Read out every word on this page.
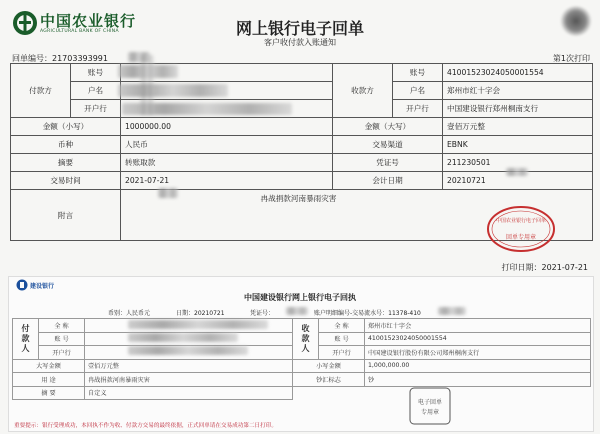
中国农业银行
AGRICULTURAL BANK OF CHINA	网上银行电子回单
客户收付款入账通知
回单编号：21703393991	第1次打印
付款方	账号		收款方	账号	4100152302405000155​4
	户名			户名	郑州市红十字会
	开户行			开户行	中国建设银行郑州桐南支行
金额（小写）		1000000.00	金额（大写）		壹佰万元整
币种		人民币	交易渠道		EBNK
摘要		转账取款	凭证号		211230501
交易时间		2021-07-21	会计日期		20210721
附言		冉战捐款河南暴雨灾害			
中国农业银行电子回单
回单专用章
打印日期：2021-07-21
建设银行
中国建设银行网上银行电子回执
币别：人民币元	日期：20210721	凭证号：	账户明细编号-交易流水号：11378-410
付款人	全 称		收款人	全 称	郑州市红十字会
	账 号			账 号	41001523024050001554
	开户行			开户行	中国建设银行股份有限公司郑州桐南支行
大写金额		壹佰万元整	小写金额		1,000,000.00
用 途		冉战捐款河南暴雨灾害	钞汇标志		钞
摘 要		自定义			
电子回单
专用章
重要提示：银行受理成功，本回执不作为收、付款方交易的最终依据，正式回单请在交易成功第二日打印。
